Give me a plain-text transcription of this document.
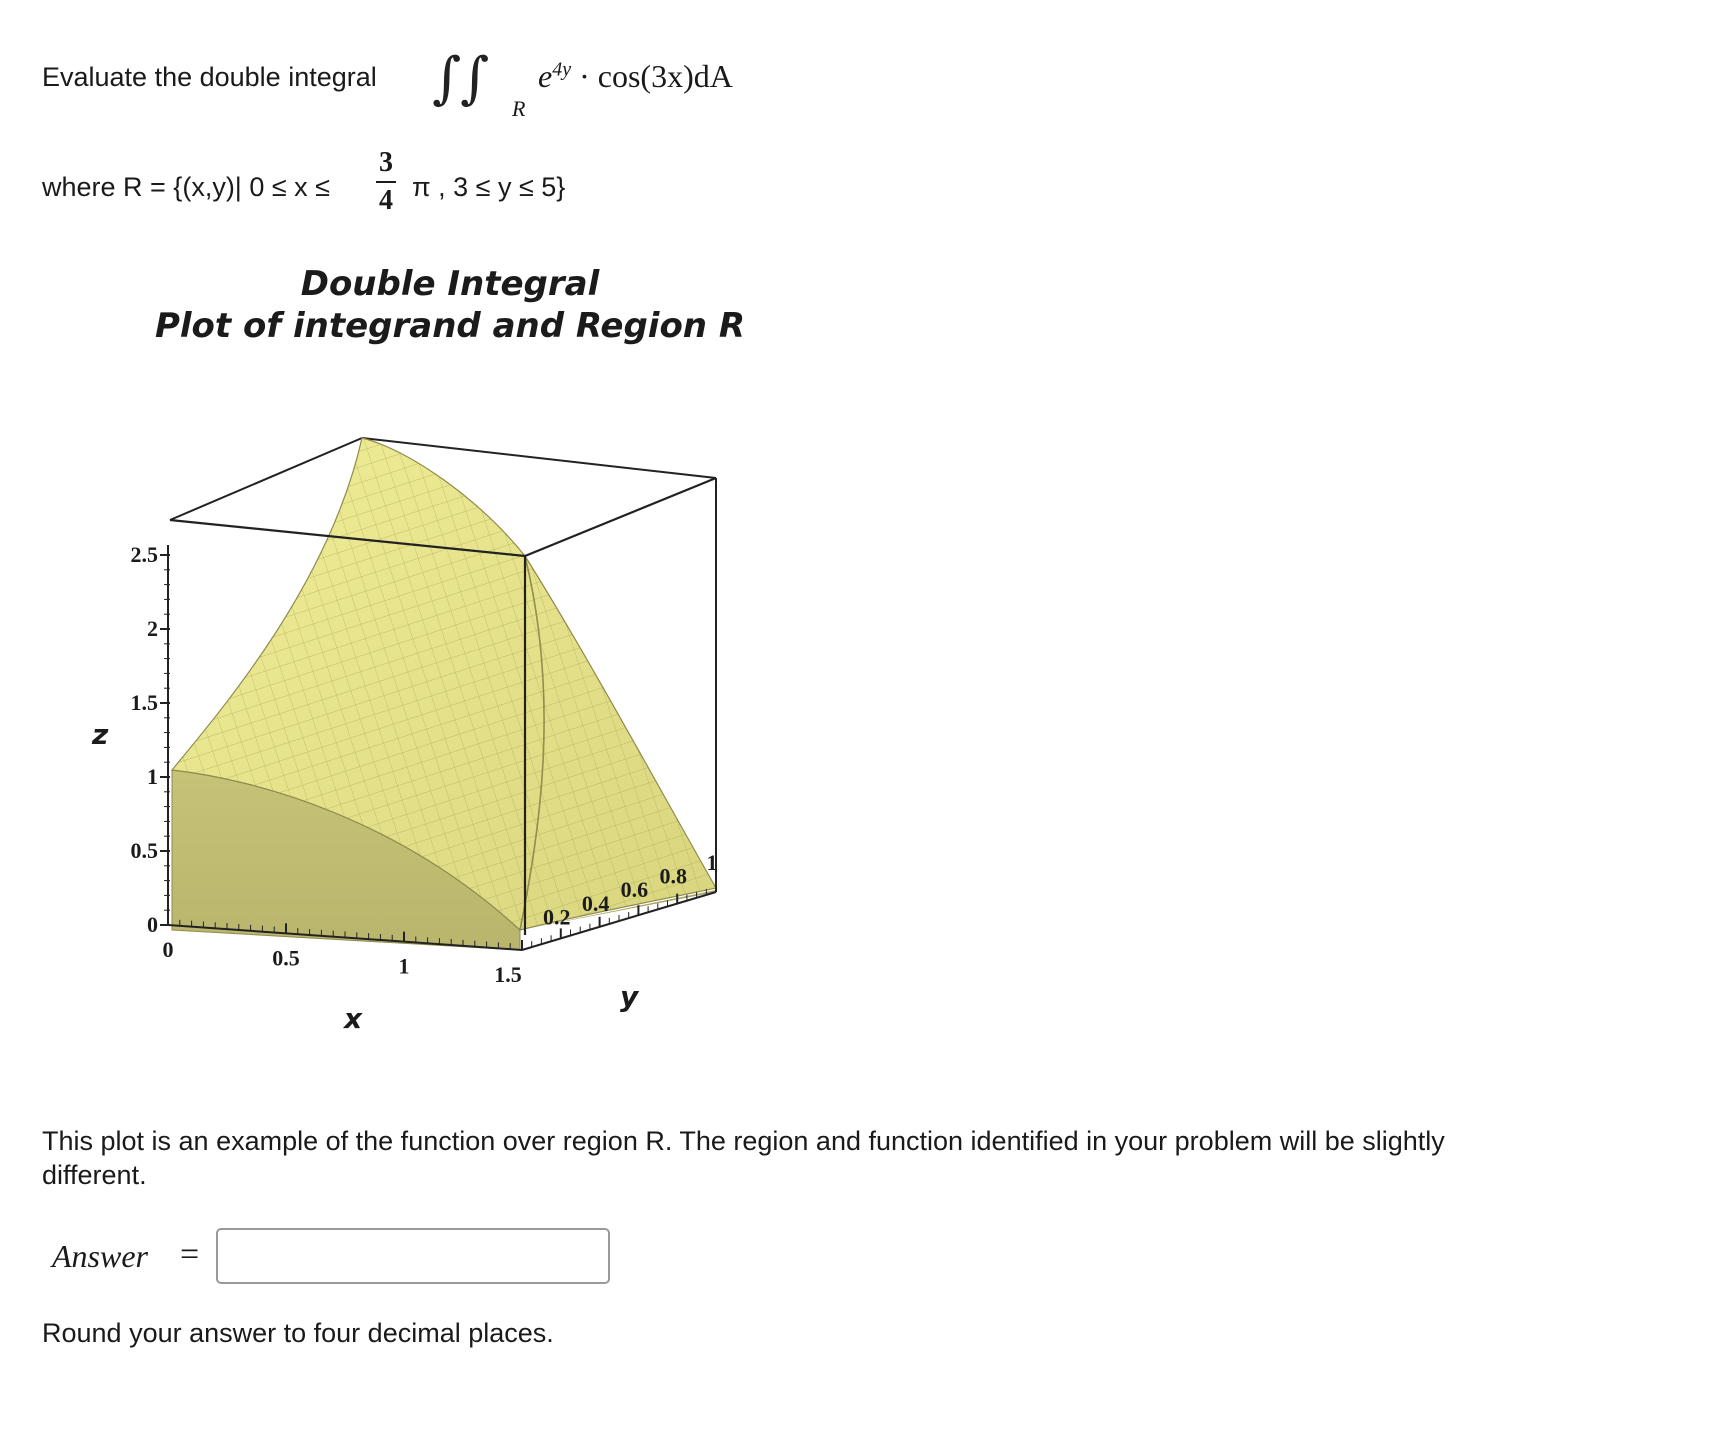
Evaluate the double integral ∫
∫ R
$e^{4y} \cdot \cos(3x)dA$
where R = {(x,y)| 0 ≤ x ≤
3
4 π , 3 ≤ y ≤ 5}
Double Integral
Plot of integrand and Region R
0
0.5
1
1.5
2
2.5
0	0.5	1	1.5
0.2
0.4
0.6
0.8
1
z
x
y
This plot is an example of the function over region R. The region and function identified in your problem will be slightly different.
Answer =
Round your answer to four decimal places.
